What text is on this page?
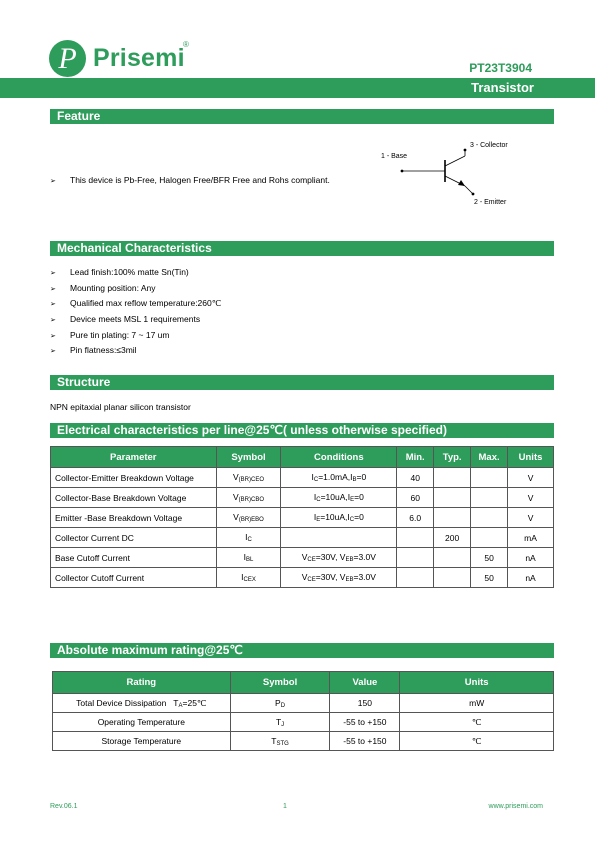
P Prisemi
®
PT23T3904
Transistor
Feature
➢ This device is Pb-Free, Halogen Free/BFR Free and Rohs compliant.
1 - Base
3 - Collector
2 - Emitter
Mechanical Characteristics
➢ Lead finish:100% matte Sn(Tin)
➢ Mounting position: Any
➢ Qualified max reflow temperature:260℃
➢ Device meets MSL 1 requirements
➢ Pure tin plating: 7 ~ 17 um
➢ Pin flatness:≤3mil
Structure
NPN epitaxial planar silicon transistor
Electrical characteristics per line@25℃( unless otherwise specified)
Parameter	Symbol	Conditions	Min.	Typ.	Max.	Units
Collector-Emitter Breakdown Voltage	$V_{(BR)CEO}$	$I_C=1.0mA,I_B=0$	40			V
Collector-Base Breakdown Voltage	$V_{(BR)CBO}$	$I_C=10uA,I_E=0$	60			V
Emitter -Base Breakdown Voltage	$V_{(BR)EBO}$	$I_E=10uA,I_C=0$	6.0			V
Collector Current DC	$I_C$			200		mA
Base Cutoff Current	$I_{BL}$	$V_{CE}=30V$, $V_{EB}=3.0V$			50	nA
Collector Cutoff Current	$I_{CEX}$	$V_{CE}=30V$, $V_{EB}=3.0V$			50	nA
Absolute maximum rating@25℃
Rating	Symbol	Value	Units
Total Device Dissipation   $T_A=25℃$	$P_D$	150	mW
Operating Temperature	$T_J$	-55 to +150	℃
Storage Temperature	$T_{STG}$	-55 to +150	℃
Rev.06.1	1	www.prisemi.com
